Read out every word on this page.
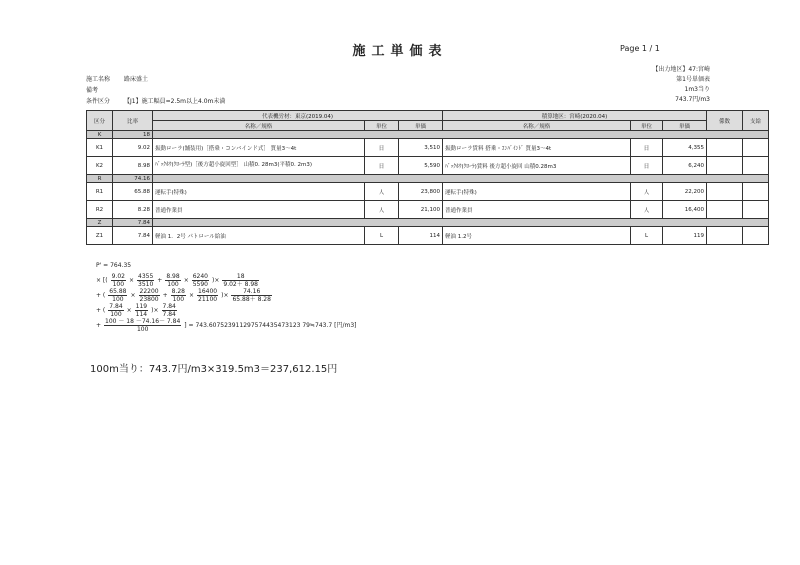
施工単価表	Page 1 / 1
【出力地区】47:宮崎
第1号単価表
1m3当り
743.7円/m3
施工名称 路床盛土
備考
条件区分 【J1】施工幅員=2.5m以上4.0m未満
区分	比率	代表機労材：東京(2019.04)			積算地区：宮崎(2020.04)			係数	支給
		名称／規格	単位	単価	名称／規格	単位	単価		
K	18								
K1	9.02	振動ローラ(舗装用)［搭乗・コンバインド式］ 質量3～4t	日	3,510	振動ローラ賃料 搭乗・ｺﾝﾊﾞｲﾝﾄﾞ 質量3～4t	日	4,355		
K2	8.98	ﾊﾞｯｸﾎｳ(ｸﾛｰﾗ型)［後方超小旋回型］ 山積0. 28m3(平積0. 2m3)	日	5,590	ﾊﾞｯｸﾎｳ(ｸﾛｰﾗ)賃料 後方超小旋回 山積0.28m3	日	6,240		
R	74.16								
R1	65.88	運転手(特殊)	人	23,800	運転手(特殊)	人	22,200		
R2	8.28	普通作業員	人	21,100	普通作業員	人	16,400		
Z	7.84								
Z1	7.84	軽油 1．2号 パトロール給油	L	114	軽油 1.2号	L	119		
P' = 764.35
× [( $\frac{9.02}{100} \times \frac{4355}{3510} + \frac{8.98}{100} \times \frac{6240}{5590}$ )× $\frac{18}{9.02+ 8.98}$
+ ( $\frac{65.88}{100} \times \frac{22200}{23800} + \frac{8.28}{100} \times \frac{16400}{21100}$ )× $\frac{74.16}{65.88+ 8.28}$
+ ( $\frac{7.84}{100} \times \frac{119}{114}$ )× $\frac{7.84}{7.84}$
+ $\frac{100 - 18 -74.16- 7.84}{100}$ ] = 743.607523911297574435473123 79≒743.7 [円/m3]
100m当り：743.7円/m3×319.5m3＝237,612.15円
